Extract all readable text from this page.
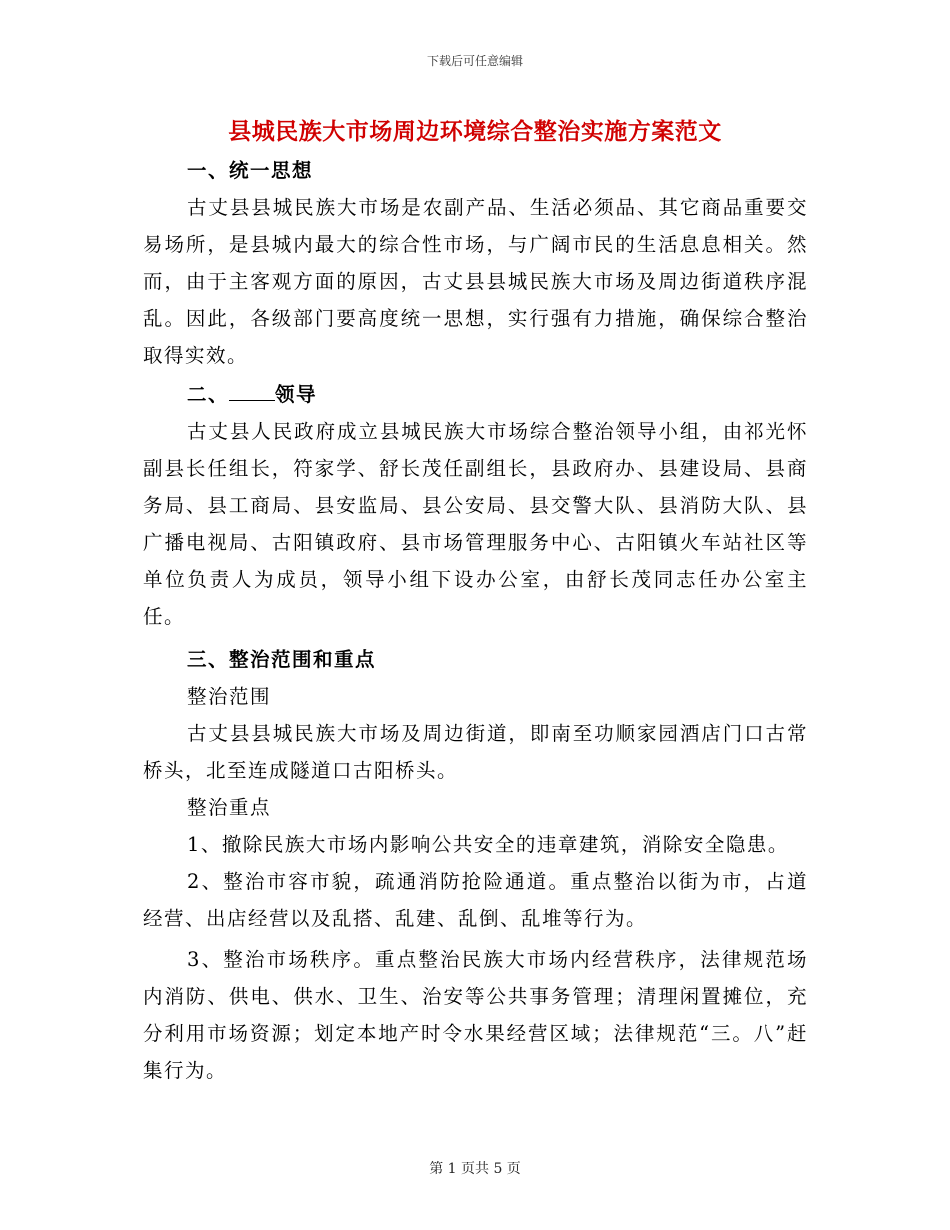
下载后可任意编辑
县城民族大市场周边环境综合整治实施方案范文

一、统一思想

古丈县县城民族大市场是农副产品、生活必须品、其它商品重要交易场所，是县城内最大的综合性市场，与广阔市民的生活息息相关。然而，由于主客观方面的原因，古丈县县城民族大市场及周边街道秩序混乱。因此，各级部门要高度统一思想，实行强有力措施，确保综合整治取得实效。

二、 领导

古丈县人民政府成立县城民族大市场综合整治领导小组，由祁光怀副县长任组长，符家学、舒长茂任副组长，县政府办、县建设局、县商务局、县工商局、县安监局、县公安局、县交警大队、县消防大队、县广播电视局、古阳镇政府、县市场管理服务中心、古阳镇火车站社区等单位负责人为成员，领导小组下设办公室，由舒长茂同志任办公室主任。

三、整治范围和重点

整治范围

古丈县县城民族大市场及周边街道，即南至功顺家园酒店门口古常桥头，北至连成隧道口古阳桥头。

整治重点

1、撤除民族大市场内影响公共安全的违章建筑，消除安全隐患。

2、整治市容市貌，疏通消防抢险通道。重点整治以街为市，占道经营、出店经营以及乱搭、乱建、乱倒、乱堆等行为。

3、整治市场秩序。重点整治民族大市场内经营秩序，法律规范场内消防、供电、供水、卫生、治安等公共事务管理；清理闲置摊位，充分利用市场资源；划定本地产时令水果经营区域；法律规范“三。八”赶集行为。

第 1 页共 5 页
